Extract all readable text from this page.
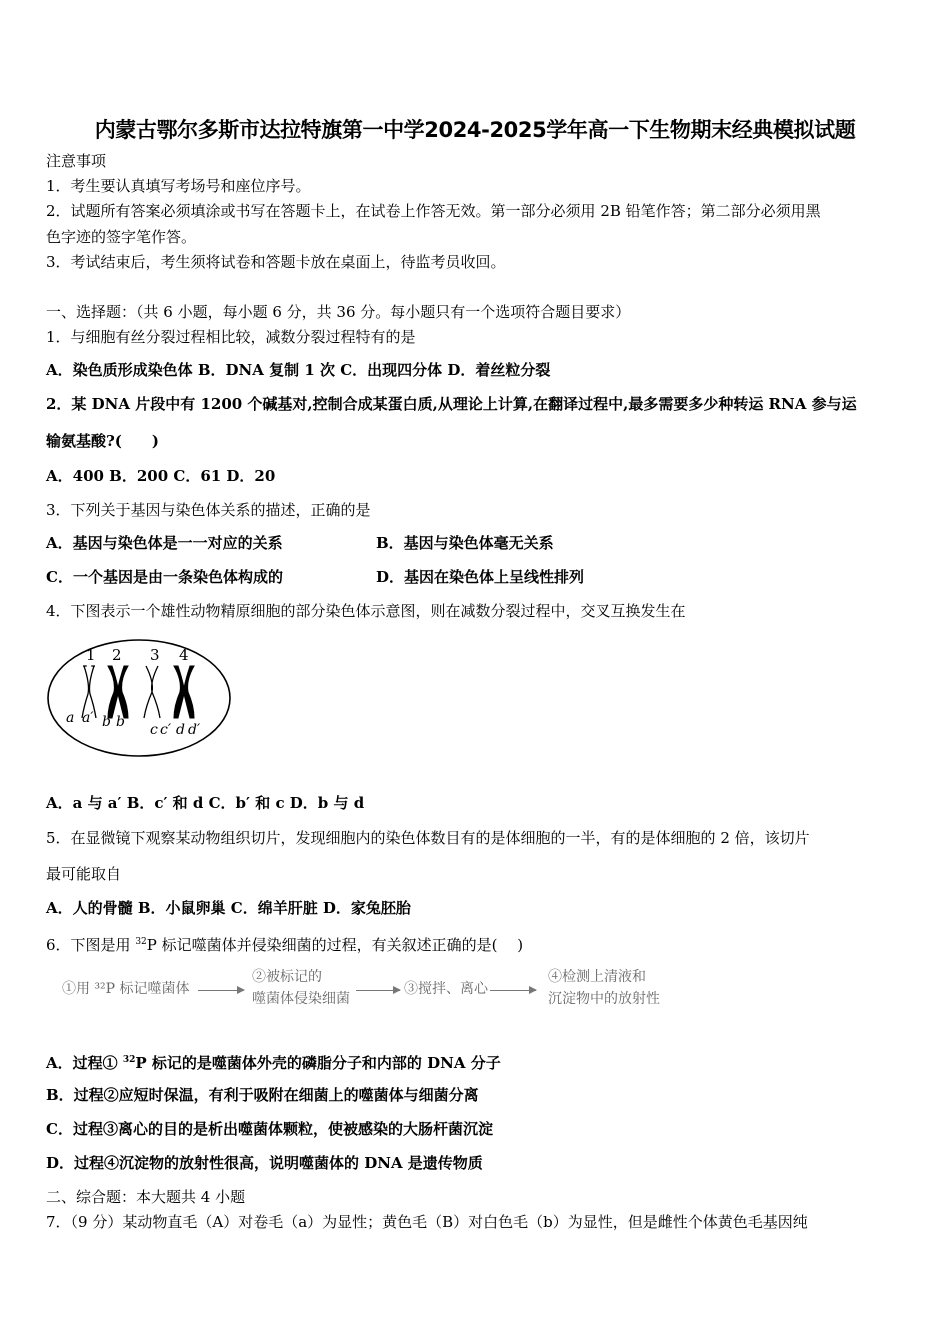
内蒙古鄂尔多斯市达拉特旗第一中学2024-2025学年高一下生物期末经典模拟试题
注意事项
1．考生要认真填写考场号和座位序号。
2．试题所有答案必须填涂或书写在答题卡上，在试卷上作答无效。第一部分必须用 2B 铅笔作答；第二部分必须用黑
色字迹的签字笔作答。
3．考试结束后，考生须将试卷和答题卡放在桌面上，待监考员收回。
一、选择题：（共 6 小题，每小题 6 分，共 36 分。每小题只有一个选项符合题目要求）
1．与细胞有丝分裂过程相比较，减数分裂过程特有的是
A．染色质形成染色体 B．DNA 复制 1 次 C．出现四分体 D．着丝粒分裂
2．某 DNA 片段中有 1200 个碱基对,控制合成某蛋白质,从理论上计算,在翻译过程中,最多需要多少种转运 RNA 参与运
输氨基酸?(　　)
A．400 B．200 C．61 D．20
3．下列关于基因与染色体关系的描述，正确的是
A．基因与染色体是一一对应的关系	B．基因与染色体毫无关系
C．一个基因是由一条染色体构成的	D．基因在染色体上呈线性排列
4．下图表示一个雄性动物精原细胞的部分染色体示意图，则在减数分裂过程中，交叉互换发生在
1 2 3 4
a a′ b b′ c c′ d d′
A．a 与 a′ B．c′ 和 d C．b′ 和 c D．b 与 d
5．在显微镜下观察某动物组织切片，发现细胞内的染色体数目有的是体细胞的一半，有的是体细胞的 2 倍，该切片
最可能取自
A．人的骨髓 B．小鼠卵巢 C．绵羊肝脏 D．家兔胚胎
6．下图是用 $^{32}$P 标记噬菌体并侵染细菌的过程，有关叙述正确的是(　 )
①用 ³²P 标记噬菌体
②被标记的
噬菌体侵染细菌
③搅拌、离心
④检测上清液和
沉淀物中的放射性
A．过程① $^{32}$P 标记的是噬菌体外壳的磷脂分子和内部的 DNA 分子
B．过程②应短时保温，有利于吸附在细菌上的噬菌体与细菌分离
C．过程③离心的目的是析出噬菌体颗粒，使被感染的大肠杆菌沉淀
D．过程④沉淀物的放射性很高，说明噬菌体的 DNA 是遗传物质
二、综合题：本大题共 4 小题
7．（9 分）某动物直毛（A）对卷毛（a）为显性；黄色毛（B）对白色毛（b）为显性，但是雌性个体黄色毛基因纯
